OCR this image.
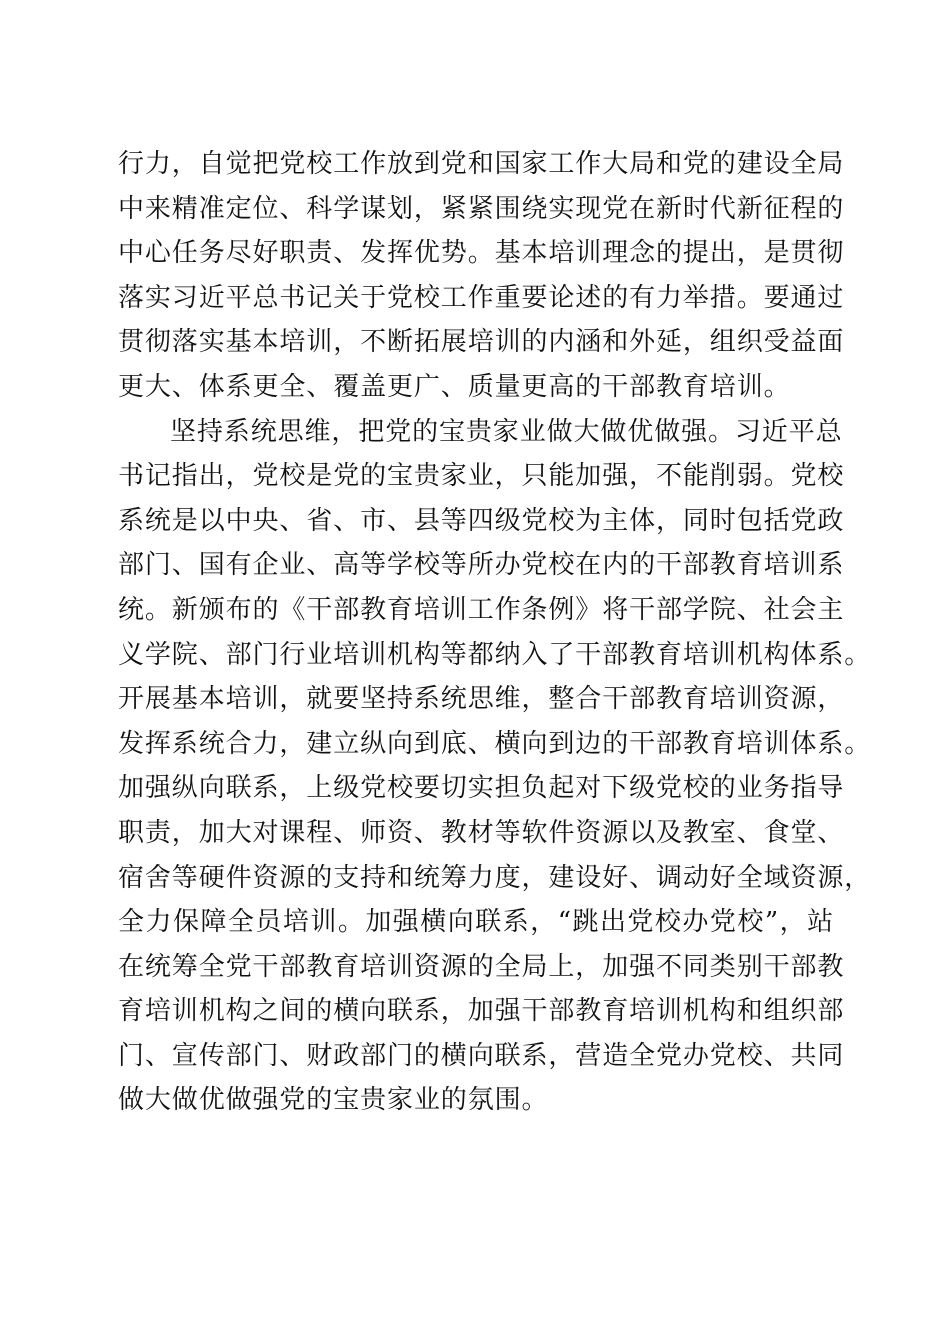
行力，自觉把党校工作放到党和国家工作大局和党的建设全局
中来精准定位、科学谋划，紧紧围绕实现党在新时代新征程的
中心任务尽好职责、发挥优势。基本培训理念的提出，是贯彻
落实习近平总书记关于党校工作重要论述的有力举措。要通过
贯彻落实基本培训，不断拓展培训的内涵和外延，组织受益面
更大、体系更全、覆盖更广、质量更高的干部教育培训。
坚持系统思维，把党的宝贵家业做大做优做强。习近平总
书记指出，党校是党的宝贵家业，只能加强，不能削弱。党校
系统是以中央、省、市、县等四级党校为主体，同时包括党政
部门、国有企业、高等学校等所办党校在内的干部教育培训系
统。新颁布的《干部教育培训工作条例》将干部学院、社会主
义学院、部门行业培训机构等都纳入了干部教育培训机构体系。
开展基本培训，就要坚持系统思维，整合干部教育培训资源，
发挥系统合力，建立纵向到底、横向到边的干部教育培训体系。
加强纵向联系，上级党校要切实担负起对下级党校的业务指导
职责，加大对课程、师资、教材等软件资源以及教室、食堂、
宿舍等硬件资源的支持和统筹力度，建设好、调动好全域资源，
全力保障全员培训。加强横向联系，“跳出党校办党校”，站
在统筹全党干部教育培训资源的全局上，加强不同类别干部教
育培训机构之间的横向联系，加强干部教育培训机构和组织部
门、宣传部门、财政部门的横向联系，营造全党办党校、共同
做大做优做强党的宝贵家业的氛围。
